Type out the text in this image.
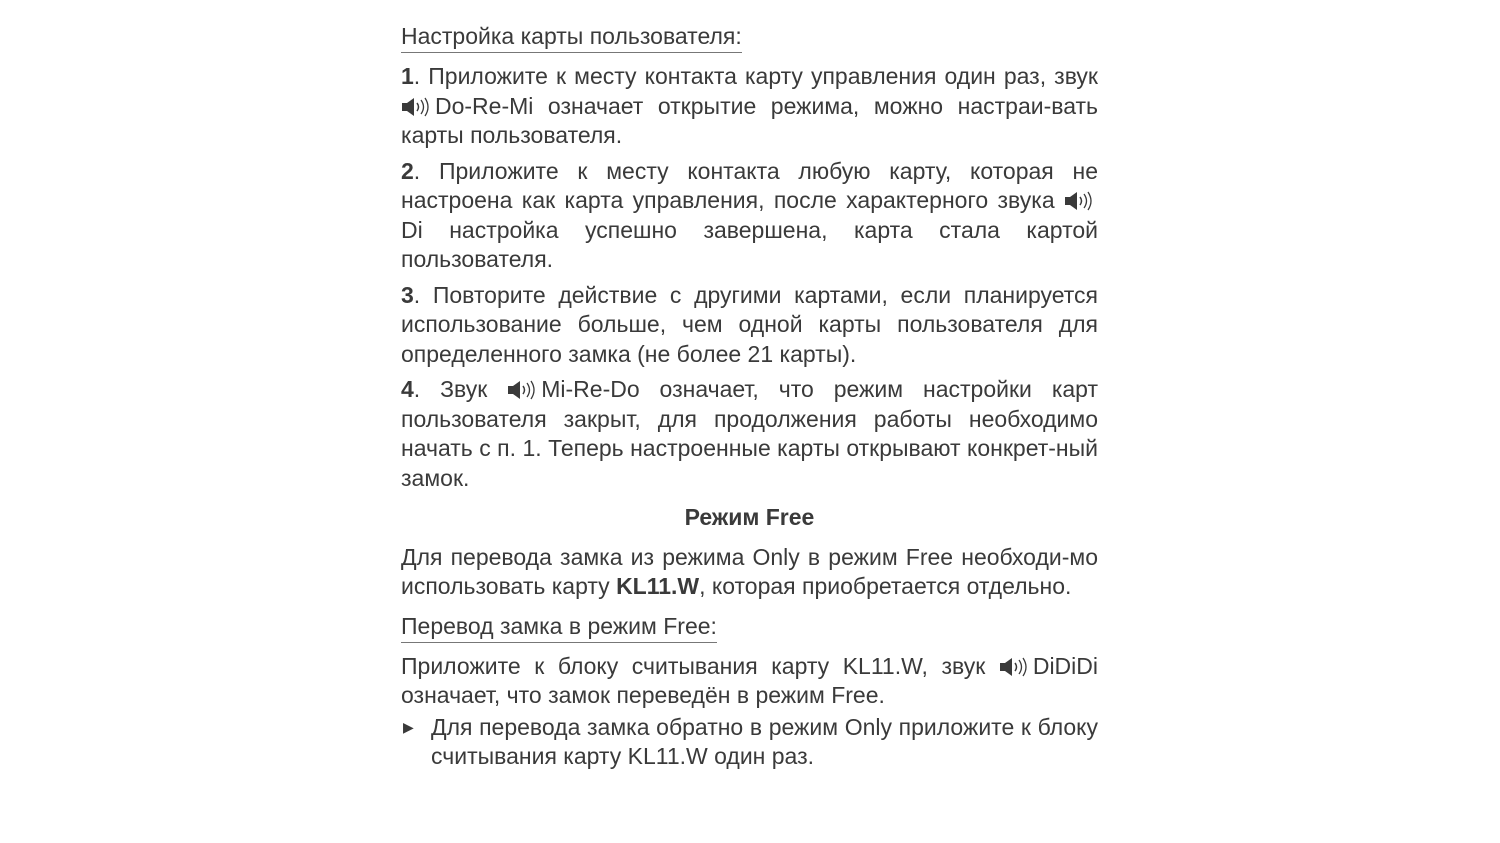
Настройка карты пользователя:

1. Приложите к месту контакта карту управления один раз, звук Do-Re-Mi означает открытие режима, можно настраи-вать карты пользователя.

2. Приложите к месту контакта любую карту, которая не настроена как карта управления, после характерного звука Di настройка успешно завершена, карта стала картой пользователя.

3. Повторите действие с другими картами, если планируется использование больше, чем одной карты пользователя для определенного замка (не более 21 карты).

4. Звук Mi-Re-Do означает, что режим настройки карт пользователя закрыт, для продолжения работы необходимо начать с п. 1. Теперь настроенные карты открывают конкрет-ный замок.

Режим Free

Для перевода замка из режима Only в режим Free необходи-мо использовать карту KL11.W, которая приобретается отдельно.

Перевод замка в режим Free:

Приложите к блоку считывания карту KL11.W, звук DiDiDi означает, что замок переведён в режим Free.

▶ Для перевода замка обратно в режим Only приложите к блоку считывания карту KL11.W один раз.
